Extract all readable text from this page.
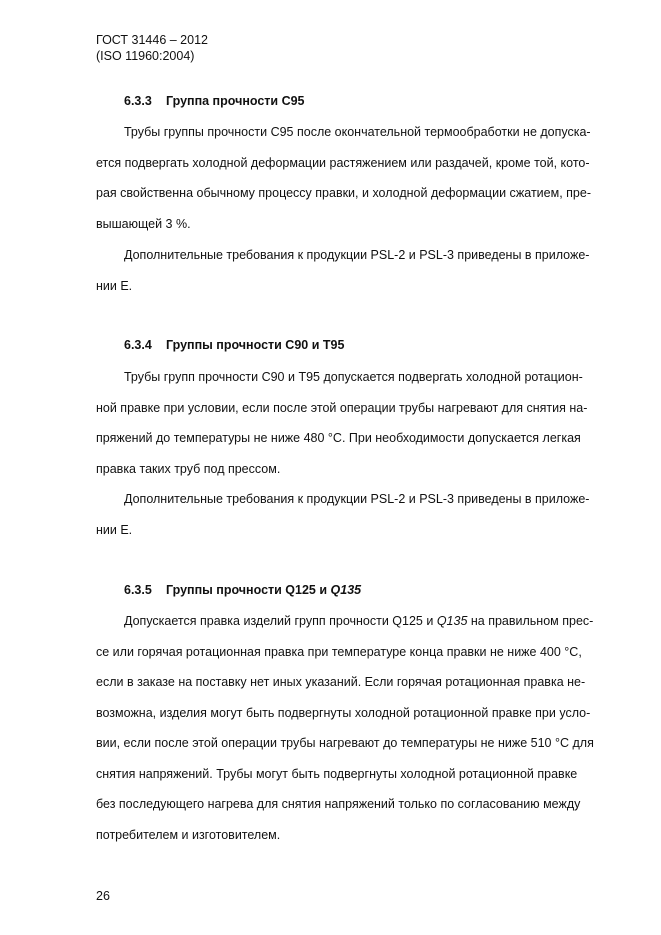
ГОСТ 31446 – 2012
(ISO 11960:2004)
6.3.3 Группа прочности С95
Трубы группы прочности С95 после окончательной термообработки не допуска-
ется подвергать холодной деформации растяжением или раздачей, кроме той, кото-
рая свойственна обычному процессу правки, и холодной деформации сжатием, пре-
вышающей 3 %.
Дополнительные требования к продукции PSL-2 и PSL-3 приведены в приложе-
нии Е.
6.3.4 Группы прочности С90 и Т95
Трубы групп прочности С90 и Т95 допускается подвергать холодной ротацион-
ной правке при условии, если после этой операции трубы нагревают для снятия на-
пряжений до температуры не ниже 480 °С. При необходимости допускается легкая
правка таких труб под прессом.
Дополнительные требования к продукции PSL-2 и PSL-3 приведены в приложе-
нии Е.
6.3.5 Группы прочности Q125 и Q135
Допускается правка изделий групп прочности Q125 и Q135 на правильном прес-
се или горячая ротационная правка при температуре конца правки не ниже 400 °С,
если в заказе на поставку нет иных указаний. Если горячая ротационная правка не-
возможна, изделия могут быть подвергнуты холодной ротационной правке при усло-
вии, если после этой операции трубы нагревают до температуры не ниже 510 °С для
снятия напряжений. Трубы могут быть подвергнуты холодной ротационной правке
без последующего нагрева для снятия напряжений только по согласованию между
потребителем и изготовителем.
26
